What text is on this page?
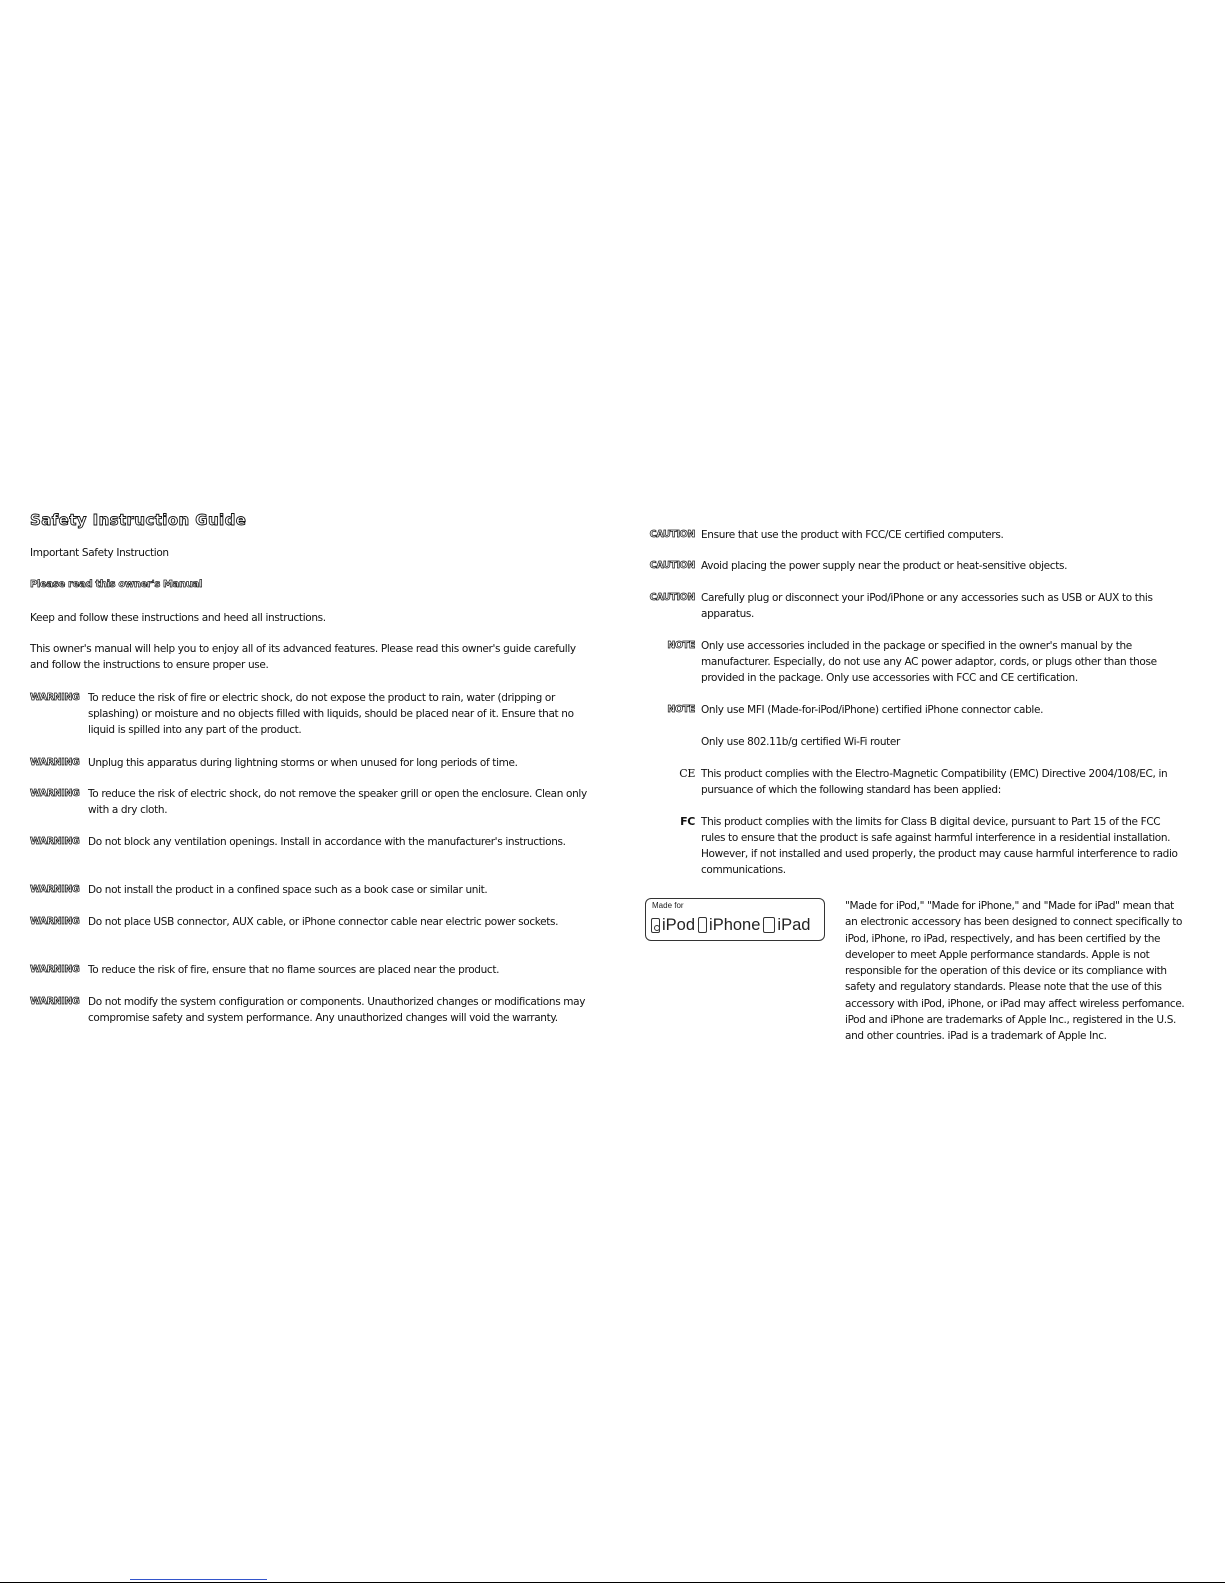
Safety Instruction Guide
Important Safety Instruction
Please read this owner's Manual
Keep and follow these instructions and heed all instructions.
This owner's manual will help you to enjoy all of its advanced features. Please read this owner's guide carefully and follow the instructions to ensure proper use.
WARNING To reduce the risk of fire or electric shock, do not expose the product to rain, water (dripping or splashing) or moisture and no objects filled with liquids, should be placed near of it. Ensure that no liquid is spilled into any part of the product.
WARNING Unplug this apparatus during lightning storms or when unused for long periods of time.
WARNING To reduce the risk of electric shock, do not remove the speaker grill or open the enclosure. Clean only with a dry cloth.
WARNING Do not block any ventilation openings. Install in accordance with the manufacturer's instructions.
WARNING Do not install the product in a confined space such as a book case or similar unit.
WARNING Do not place USB connector, AUX cable, or iPhone connector cable near electric power sockets.
WARNING To reduce the risk of fire, ensure that no flame sources are placed near the product.
WARNING Do not modify the system configuration or components. Unauthorized changes or modifications may compromise safety and system performance. Any unauthorized changes will void the warranty.
CAUTION Ensure that use the product with FCC/CE certified computers.
CAUTION Avoid placing the power supply near the product or heat-sensitive objects.
CAUTION Carefully plug or disconnect your iPod/iPhone or any accessories such as USB or AUX to this apparatus.
NOTE Only use accessories included in the package or specified in the owner's manual by the manufacturer. Especially, do not use any AC power adaptor, cords, or plugs other than those provided in the package. Only use accessories with FCC and CE certification.
NOTE Only use MFI (Made-for-iPod/iPhone) certified iPhone connector cable.
Only use 802.11b/g certified Wi-Fi router
CE This product complies with the Electro-Magnetic Compatibility (EMC) Directive 2004/108/EC, in pursuance of which the following standard has been applied:
FC This product complies with the limits for Class B digital device, pursuant to Part 15 of the FCC rules to ensure that the product is safe against harmful interference in a residential installation. However, if not installed and used properly, the product may cause harmful interference to radio communications.
Made for
iPod iPhone iPad
"Made for iPod," "Made for iPhone," and "Made for iPad" mean that an electronic accessory has been designed to connect specifically to iPod, iPhone, ro iPad, respectively, and has been certified by the developer to meet Apple performance standards. Apple is not responsible for the operation of this device or its compliance with safety and regulatory standards. Please note that the use of this accessory with iPod, iPhone, or iPad may affect wireless perfomance. iPod and iPhone are trademarks of Apple Inc., registered in the U.S. and other countries. iPad is a trademark of Apple Inc.
